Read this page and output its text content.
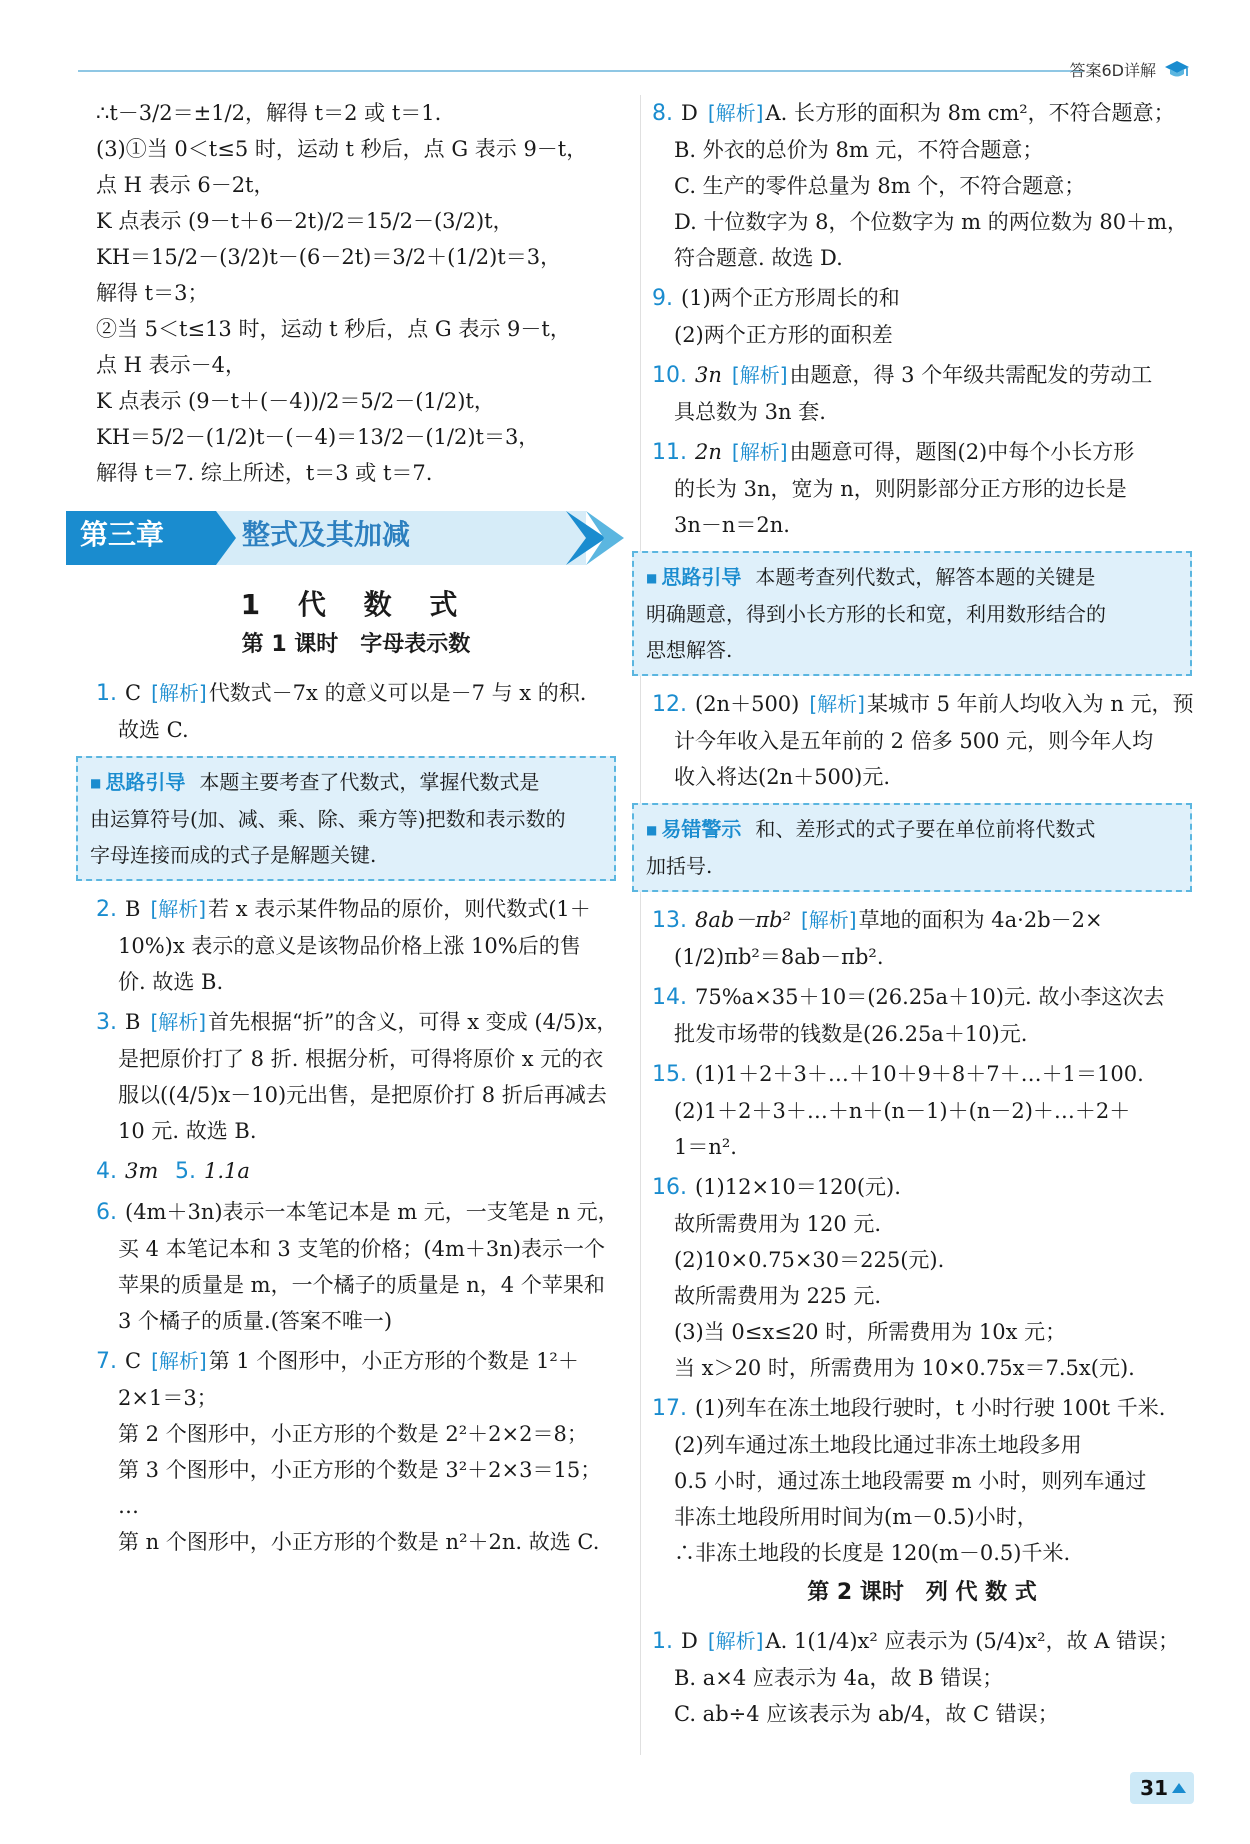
答案6D详解
∴t－3/2＝±1/2，解得 t＝2 或 t＝1.
(3)①当 0＜t≤5 时，运动 t 秒后，点 G 表示 9－t，
点 H 表示 6－2t，
K 点表示 (9－t＋6－2t)/2＝15/2－(3/2)t，
KH＝15/2－(3/2)t－(6－2t)＝3/2＋(1/2)t＝3，
解得 t＝3；
②当 5＜t≤13 时，运动 t 秒后，点 G 表示 9－t，
点 H 表示－4，
K 点表示 (9－t＋(－4))/2＝5/2－(1/2)t，
KH＝5/2－(1/2)t－(－4)＝13/2－(1/2)t＝3，
解得 t＝7. 综上所述，t＝3 或 t＝7.
第三章	整式及其加减
1 代 数 式
第 1 课时　字母表示数
1. C [解析]代数式－7x 的意义可以是－7 与 x 的积.
故选 C.
■ 思路引导 本题主要考查了代数式，掌握代数式是
由运算符号(加、减、乘、除、乘方等)把数和表示数的
字母连接而成的式子是解题关键.
2. B [解析]若 x 表示某件物品的原价，则代数式(1＋
10%)x 表示的意义是该物品价格上涨 10%后的售
价. 故选 B.
3. B [解析]首先根据“折”的含义，可得 x 变成 (4/5)x，
是把原价打了 8 折. 根据分析，可得将原价 x 元的衣
服以((4/5)x－10)元出售，是把原价打 8 折后再减去
10 元. 故选 B.
4. 3m 5. 1.1a
6. (4m＋3n)表示一本笔记本是 m 元，一支笔是 n 元，
买 4 本笔记本和 3 支笔的价格；(4m＋3n)表示一个
苹果的质量是 m，一个橘子的质量是 n，4 个苹果和
3 个橘子的质量.(答案不唯一)
7. C [解析]第 1 个图形中，小正方形的个数是 1²＋
2×1＝3；
第 2 个图形中，小正方形的个数是 2²＋2×2＝8；
第 3 个图形中，小正方形的个数是 3²＋2×3＝15；
…
第 n 个图形中，小正方形的个数是 n²＋2n. 故选 C.
8. D [解析]A. 长方形的面积为 8m cm²，不符合题意；
B. 外衣的总价为 8m 元，不符合题意；
C. 生产的零件总量为 8m 个，不符合题意；
D. 十位数字为 8，个位数字为 m 的两位数为 80＋m，
符合题意. 故选 D.
9. (1)两个正方形周长的和
(2)两个正方形的面积差
10. 3n [解析]由题意，得 3 个年级共需配发的劳动工
具总数为 3n 套.
11. 2n [解析]由题意可得，题图(2)中每个小长方形
的长为 3n，宽为 n，则阴影部分正方形的边长是
3n－n＝2n.
■ 思路引导 本题考查列代数式，解答本题的关键是
明确题意，得到小长方形的长和宽，利用数形结合的
思想解答.
12. (2n＋500) [解析]某城市 5 年前人均收入为 n 元，预
计今年收入是五年前的 2 倍多 500 元，则今年人均
收入将达(2n＋500)元.
■ 易错警示 和、差形式的式子要在单位前将代数式
加括号.
13. 8ab－πb² [解析]草地的面积为 4a·2b－2×
(1/2)πb²＝8ab－πb².
14. 75%a×35＋10＝(26.25a＋10)元. 故小李这次去
批发市场带的钱数是(26.25a＋10)元.
15. (1)1＋2＋3＋…＋10＋9＋8＋7＋…＋1＝100.
(2)1＋2＋3＋…＋n＋(n－1)＋(n－2)＋…＋2＋
1＝n².
16. (1)12×10＝120(元).
故所需费用为 120 元.
(2)10×0.75×30＝225(元).
故所需费用为 225 元.
(3)当 0≤x≤20 时，所需费用为 10x 元；
当 x＞20 时，所需费用为 10×0.75x＝7.5x(元).
17. (1)列车在冻土地段行驶时，t 小时行驶 100t 千米.
(2)列车通过冻土地段比通过非冻土地段多用
0.5 小时，通过冻土地段需要 m 小时，则列车通过
非冻土地段所用时间为(m－0.5)小时，
∴非冻土地段的长度是 120(m－0.5)千米.
第 2 课时　列 代 数 式
1. D [解析]A. 1(1/4)x² 应表示为 (5/4)x²，故 A 错误；
B. a×4 应表示为 4a，故 B 错误；
C. ab÷4 应该表示为 ab/4，故 C 错误；
31
